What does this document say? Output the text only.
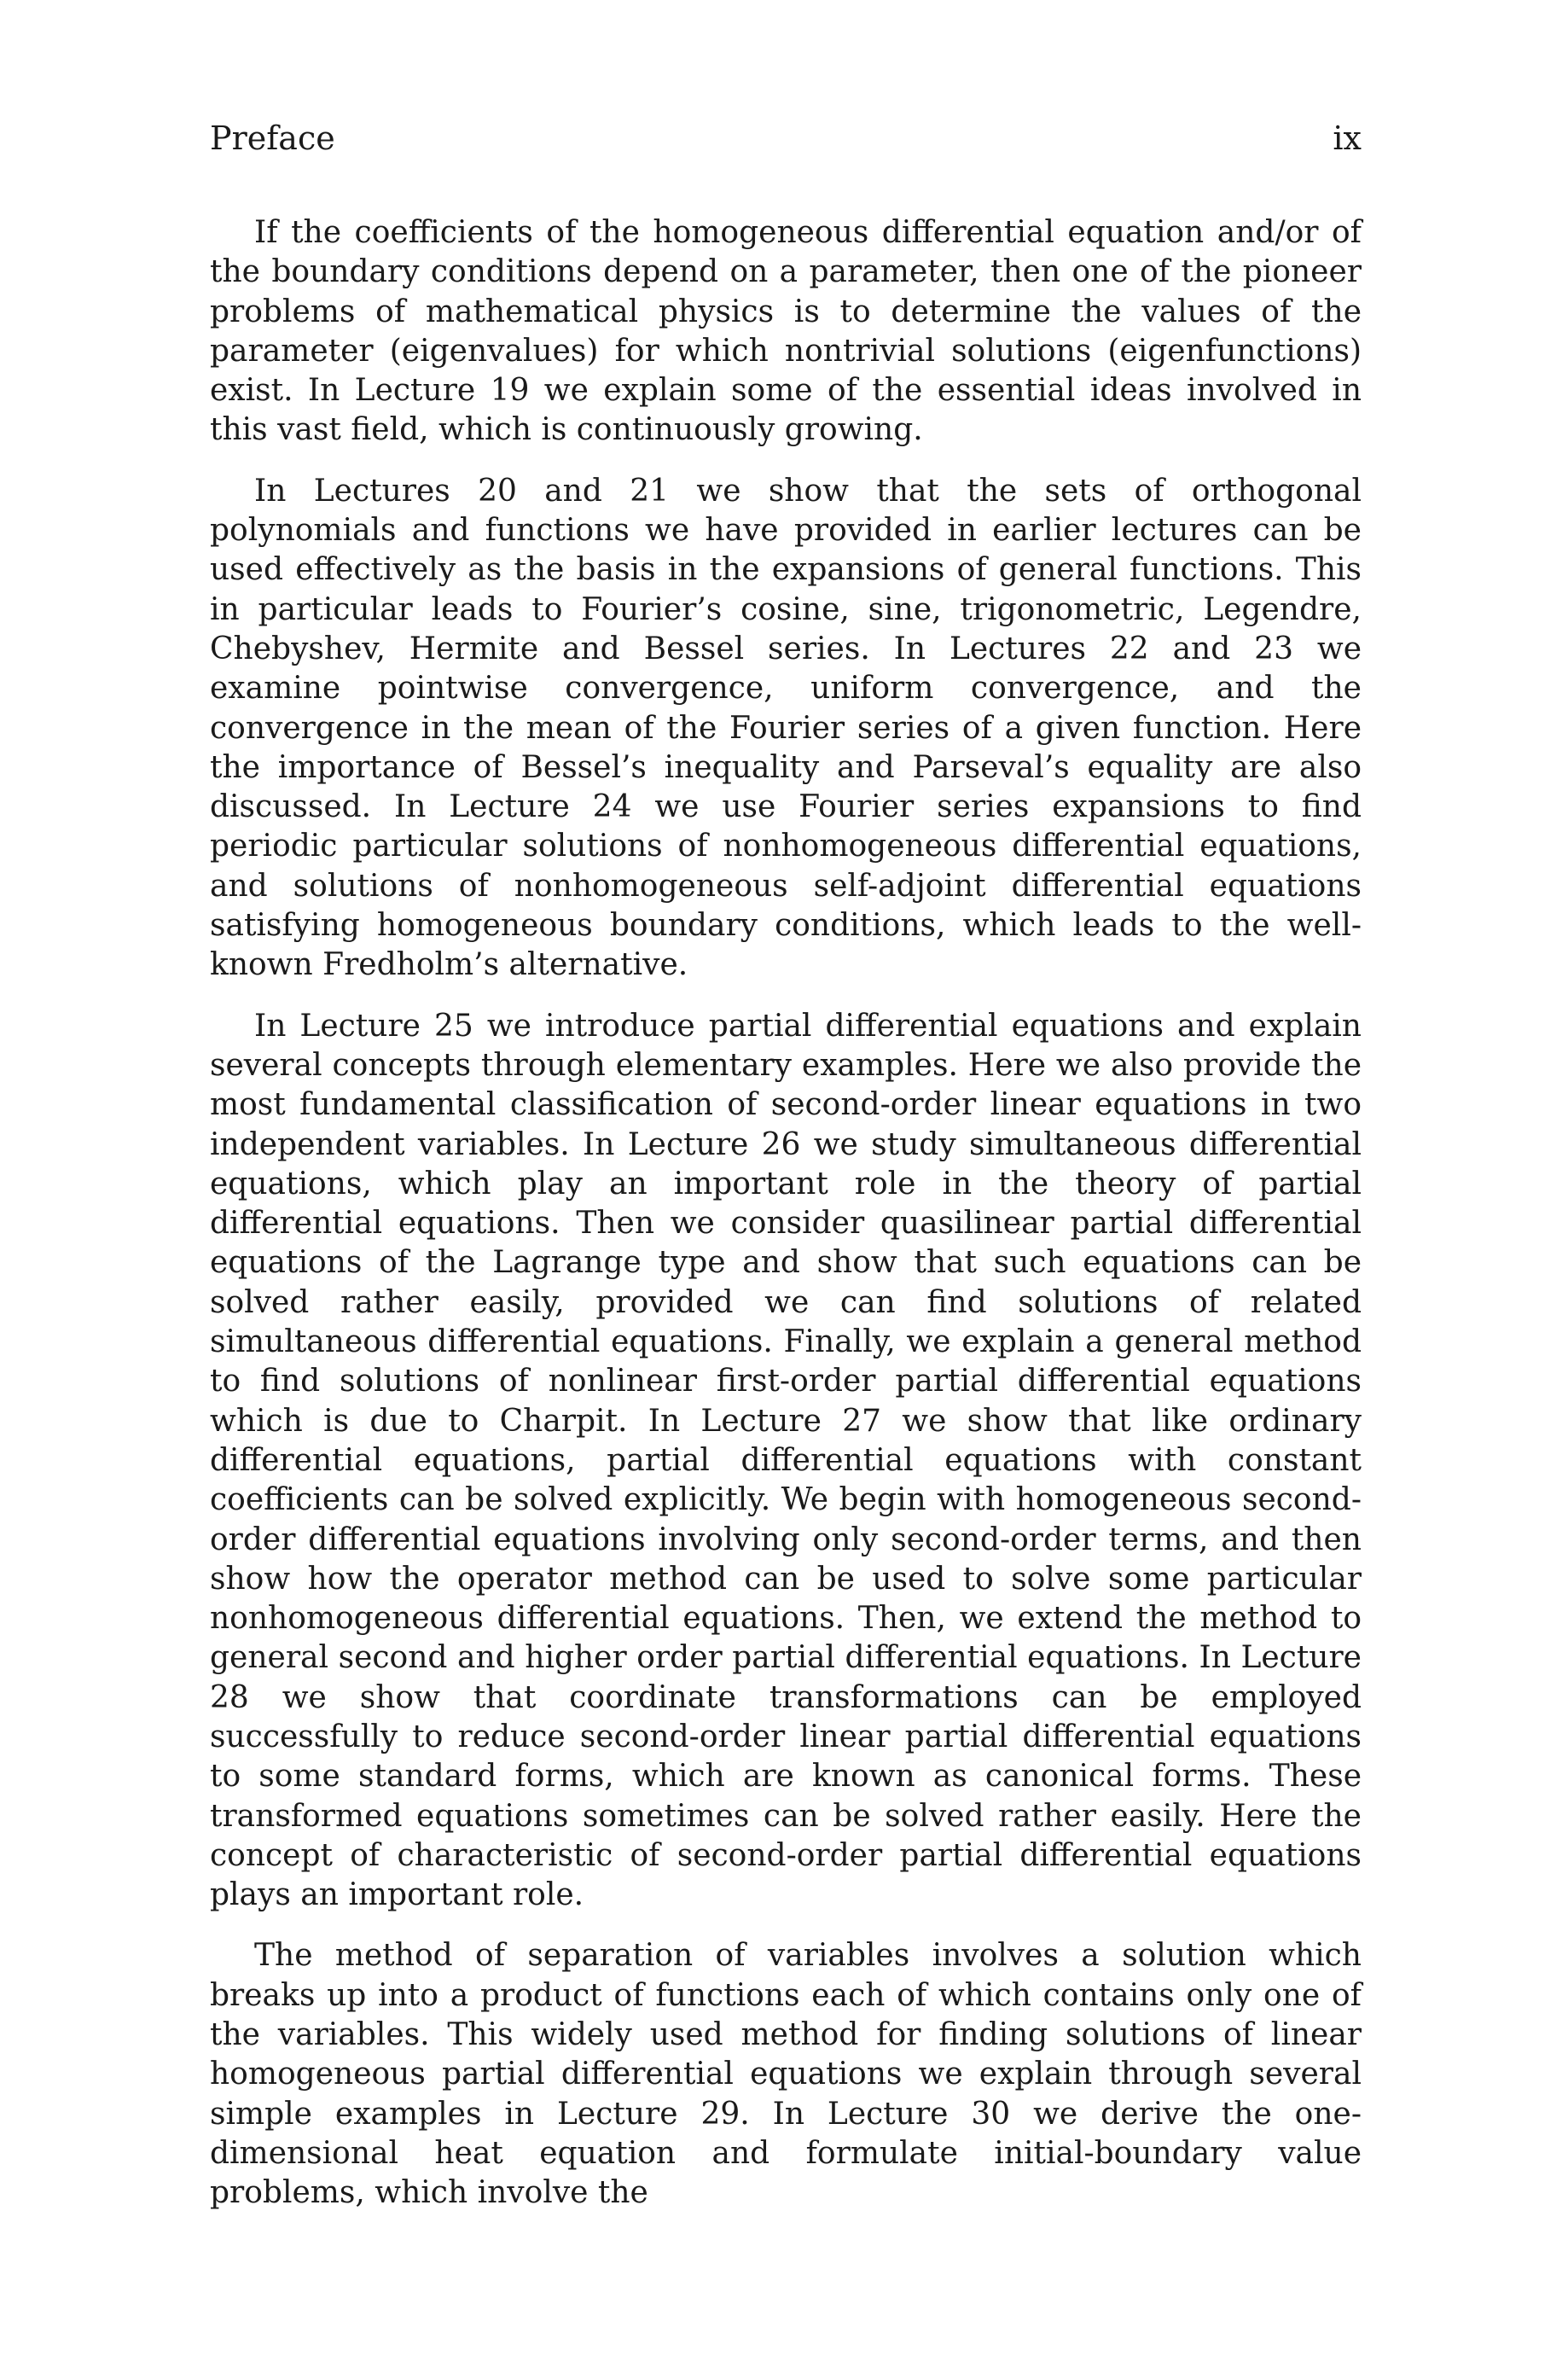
Preface	ix

If the coefficients of the homogeneous differential equation and/or of the boundary conditions depend on a parameter, then one of the pioneer problems of mathematical physics is to determine the values of the parameter (eigenvalues) for which nontrivial solutions (eigenfunctions) exist. In Lecture 19 we explain some of the essential ideas involved in this vast field, which is continuously growing.

In Lectures 20 and 21 we show that the sets of orthogonal polynomials and functions we have provided in earlier lectures can be used effectively as the basis in the expansions of general functions. This in particular leads to Fourier’s cosine, sine, trigonometric, Legendre, Chebyshev, Hermite and Bessel series. In Lectures 22 and 23 we examine pointwise convergence, uniform convergence, and the convergence in the mean of the Fourier series of a given function. Here the importance of Bessel’s inequality and Parseval’s equality are also discussed. In Lecture 24 we use Fourier series expansions to find periodic particular solutions of nonhomogeneous differential equations, and solutions of nonhomogeneous self-adjoint differential equations satisfying homogeneous boundary conditions, which leads to the well-known Fredholm’s alternative.

In Lecture 25 we introduce partial differential equations and explain several concepts through elementary examples. Here we also provide the most fundamental classification of second-order linear equations in two independent variables. In Lecture 26 we study simultaneous differential equations, which play an important role in the theory of partial differential equations. Then we consider quasilinear partial differential equations of the Lagrange type and show that such equations can be solved rather easily, provided we can find solutions of related simultaneous differential equations. Finally, we explain a general method to find solutions of nonlinear first-order partial differential equations which is due to Charpit. In Lecture 27 we show that like ordinary differential equations, partial differential equations with constant coefficients can be solved explicitly. We begin with homogeneous second-order differential equations involving only second-order terms, and then show how the operator method can be used to solve some particular nonhomogeneous differential equations. Then, we extend the method to general second and higher order partial differential equations. In Lecture 28 we show that coordinate transformations can be employed successfully to reduce second-order linear partial differential equations to some standard forms, which are known as canonical forms. These transformed equations sometimes can be solved rather easily. Here the concept of characteristic of second-order partial differential equations plays an important role.

The method of separation of variables involves a solution which breaks up into a product of functions each of which contains only one of the variables. This widely used method for finding solutions of linear homogeneous partial differential equations we explain through several simple examples in Lecture 29. In Lecture 30 we derive the one-dimensional heat equation and formulate initial-boundary value problems, which involve the
